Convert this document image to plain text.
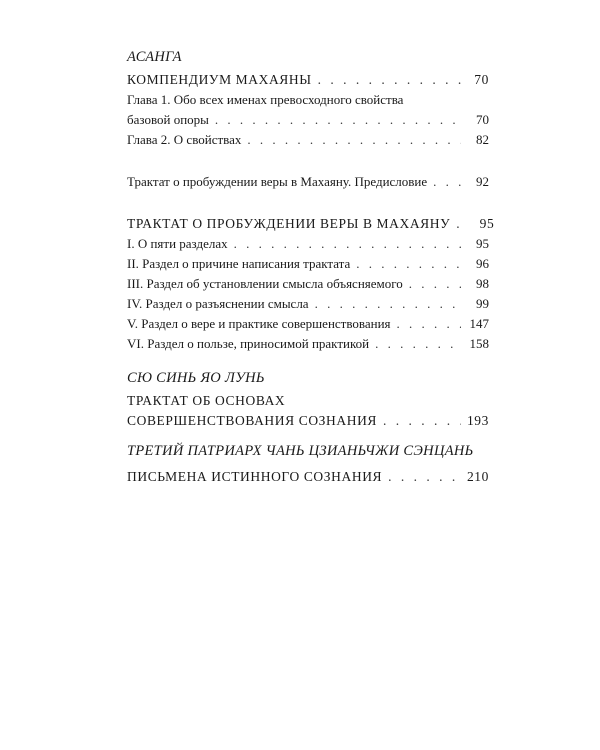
АСАНГА
КОМПЕНДИУМ МАХАЯНЫ . . .	70
Глава 1. Обо всех именах превосходного свойства
базовой опоры . . .	70
Глава 2. О свойствах . . .	82
Трактат о пробуждении веры в Махаяну. Предисловие . . .	92
ТРАКТАТ О ПРОБУЖДЕНИИ ВЕРЫ В МАХАЯНУ . . .	95
I. О пяти разделах . . .	95
II. Раздел о причине написания трактата . . .	96
III. Раздел об установлении смысла объясняемого . . .	98
IV. Раздел о разъяснении смысла . . .	99
V. Раздел о вере и практике совершенствования . . .	147
VI. Раздел о пользе, приносимой практикой . . .	158
СЮ СИНЬ ЯО ЛУНЬ
ТРАКТАТ ОБ ОСНОВАХ
СОВЕРШЕНСТВОВАНИЯ СОЗНАНИЯ . . .	193
ТРЕТИЙ ПАТРИАРХ ЧАНЬ ЦЗИАНЬЧЖИ СЭНЦАНЬ
ПИСЬМЕНА ИСТИННОГО СОЗНАНИЯ . . .	210
